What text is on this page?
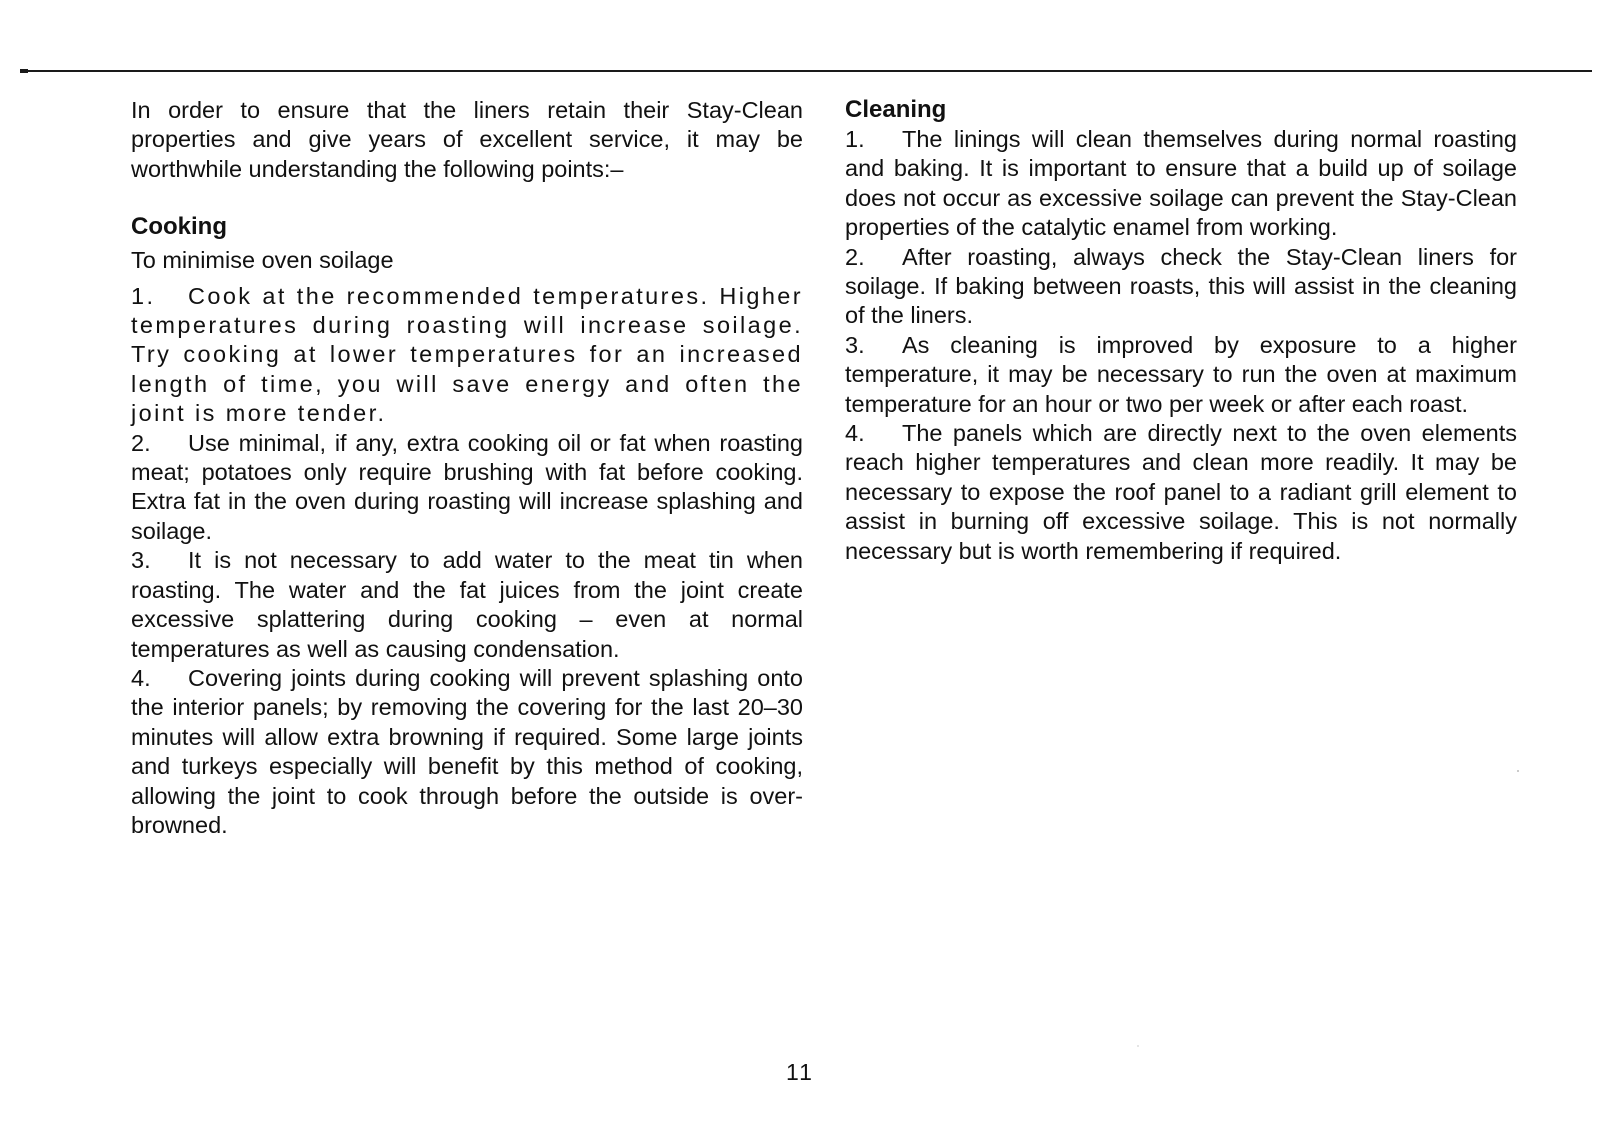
In order to ensure that the liners retain their Stay-Clean properties and give years of excellent service, it may be worthwhile understanding the following points:–

Cooking

To minimise oven soilage

1. Cook at the recommended temperatures. Higher temperatures during roasting will increase soilage. Try cooking at lower temperatures for an increased length of time, you will save energy and often the joint is more tender.

2. Use minimal, if any, extra cooking oil or fat when roasting meat; potatoes only require brushing with fat before cooking. Extra fat in the oven during roasting will increase splashing and soilage.

3. It is not necessary to add water to the meat tin when roasting. The water and the fat juices from the joint create excessive splattering during cooking – even at normal temperatures as well as causing condensation.

4. Covering joints during cooking will prevent splashing onto the interior panels; by removing the covering for the last 20–30 minutes will allow extra browning if required. Some large joints and turkeys especially will benefit by this method of cooking, allowing the joint to cook through before the outside is over-browned.

Cleaning

1. The linings will clean themselves during normal roasting and baking. It is important to ensure that a build up of soilage does not occur as excessive soilage can prevent the Stay-Clean properties of the catalytic enamel from working.

2. After roasting, always check the Stay-Clean liners for soilage. If baking between roasts, this will assist in the cleaning of the liners.

3. As cleaning is improved by exposure to a higher temperature, it may be necessary to run the oven at maximum temperature for an hour or two per week or after each roast.

4. The panels which are directly next to the oven elements reach higher temperatures and clean more readily. It may be necessary to expose the roof panel to a radiant grill element to assist in burning off excessive soilage. This is not normally necessary but is worth remembering if required.

11
